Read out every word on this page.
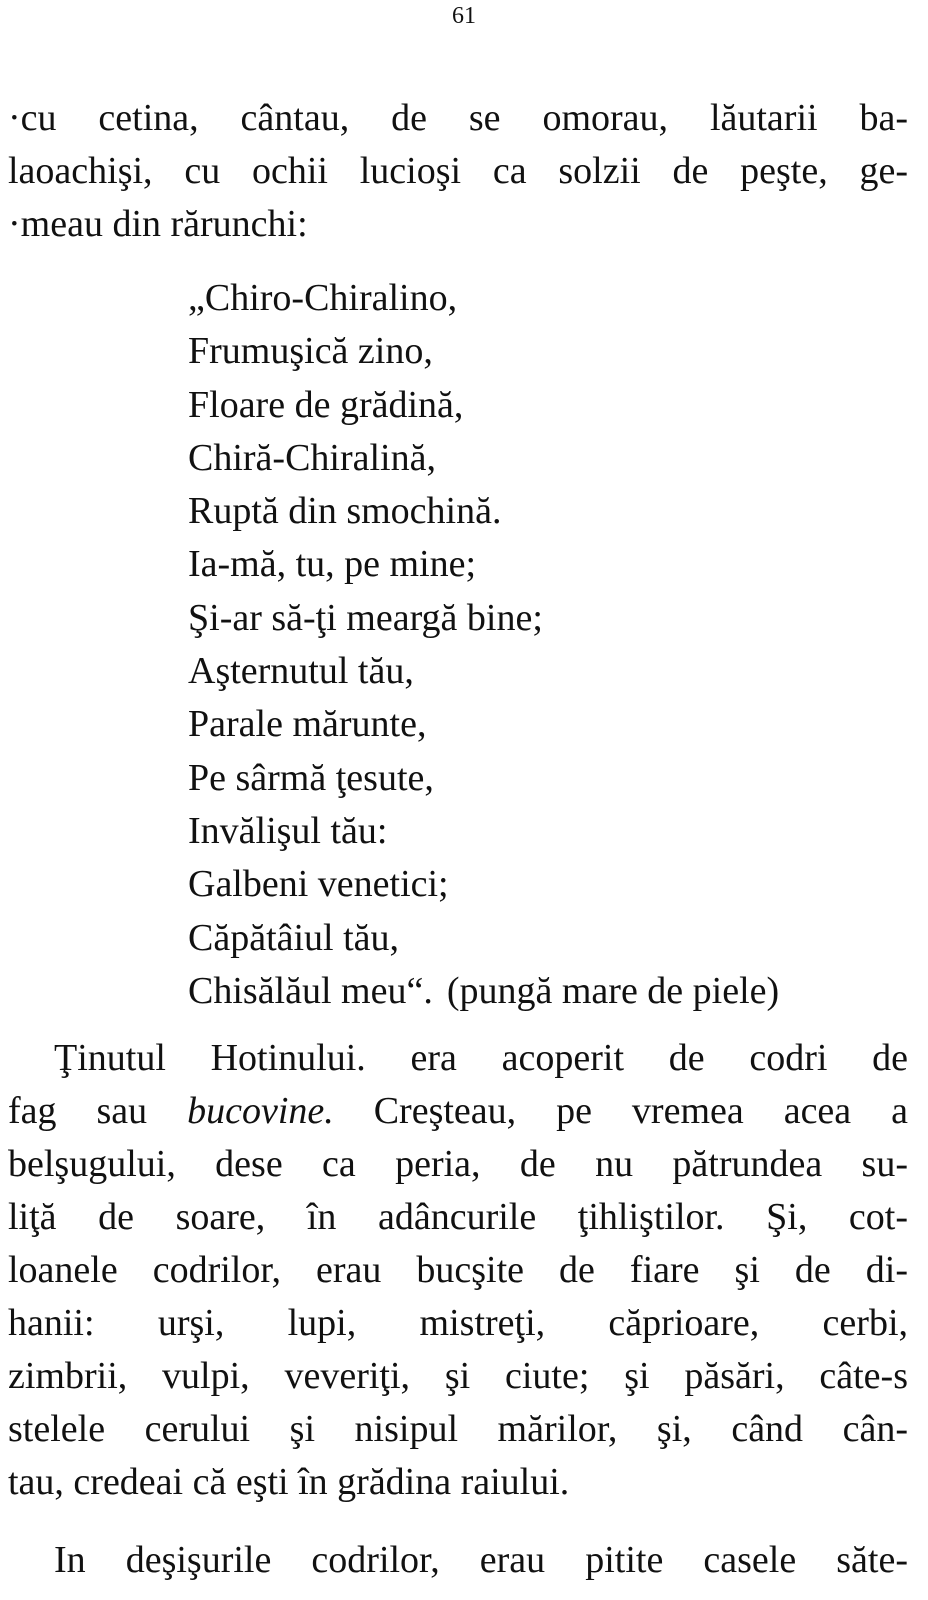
61
·cu cetina, cântau, de se omorau, lăutarii ba-
laoachişi, cu ochii lucioşi ca solzii de peşte, ge-
·meau din rărunchi:
„Chiro-Chiralino,
Frumuşică zino,
Floare de grădină,
Chiră-Chiralină,
Ruptă din smochină.
Ia-mă, tu, pe mine;
Şi-ar să-ţi meargă bine;
Aşternutul tău,
Parale mărunte,
Pe sârmă ţesute,
Invălişul tău:
Galbeni venetici;
Căpătâiul tău,
Chisălăul meu“. (pungă mare de piele)
Ţinutul Hotinului. era acoperit de codri de
fag sau bucovine. Creşteau, pe vremea acea a
belşugului, dese ca peria, de nu pătrundea su-
liţă de soare, în adâncurile ţihliştilor. Şi, cot-
loanele codrilor, erau bucşite de fiare şi de di-
hanii: urşi, lupi, mistreţi, căprioare, cerbi,
zimbrii, vulpi, veveriţi, şi ciute; şi păsări, câte-s
stelele cerului şi nisipul mărilor, şi, când cân-
tau, credeai că eşti în grădina raiului.
In deşişurile codrilor, erau pitite casele săte-
